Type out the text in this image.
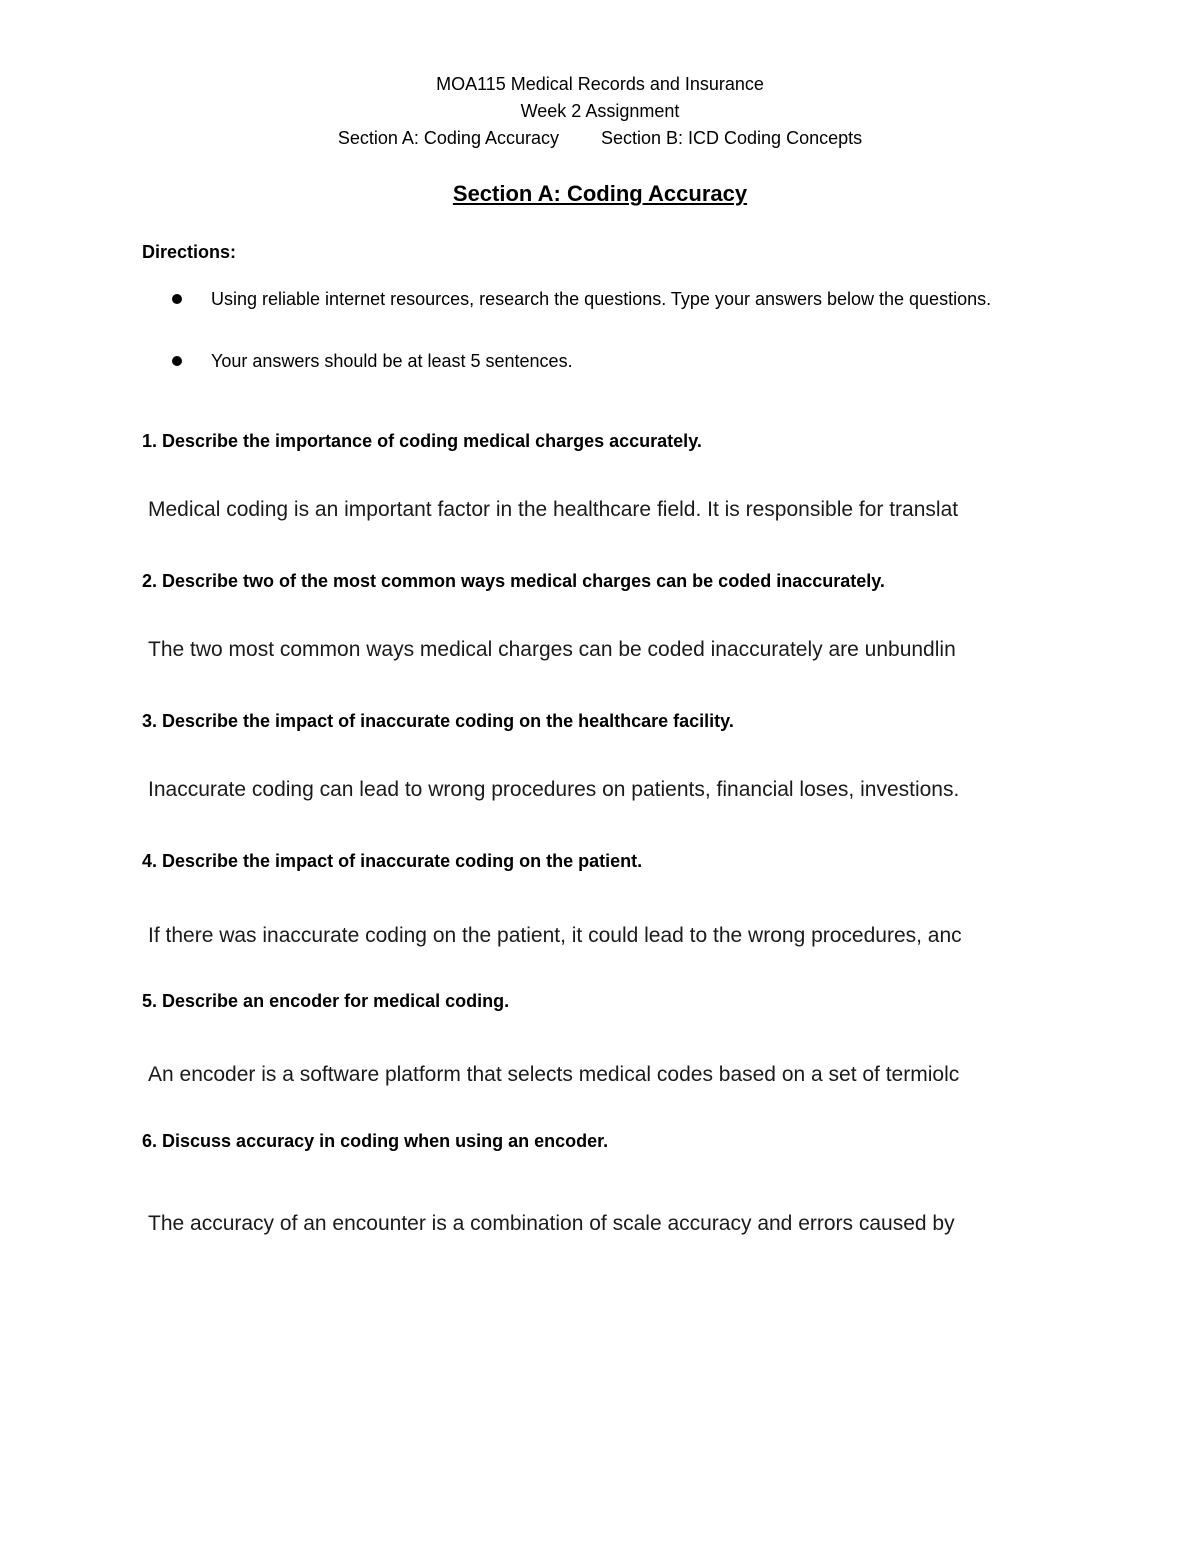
MOA115 Medical Records and Insurance
Week 2 Assignment
Section A: Coding Accuracy Section B: ICD Coding Concepts
Section A: Coding Accuracy
Directions:
Using reliable internet resources, research the questions. Type your answers below the questions.
Your answers should be at least 5 sentences.
1. Describe the importance of coding medical charges accurately.
Medical coding is an important factor in the healthcare field. It is responsible for translat
2. Describe two of the most common ways medical charges can be coded inaccurately.
The two most common ways medical charges can be coded inaccurately are unbundlin
3. Describe the impact of inaccurate coding on the healthcare facility.
Inaccurate coding can lead to wrong procedures on patients, financial loses, investions.
4. Describe the impact of inaccurate coding on the patient.
If there was inaccurate coding on the patient, it could lead to the wrong procedures, anc
5. Describe an encoder for medical coding.
An encoder is a software platform that selects medical codes based on a set of termiolc
6. Discuss accuracy in coding when using an encoder.
The accuracy of an encounter is a combination of scale accuracy and errors caused by
